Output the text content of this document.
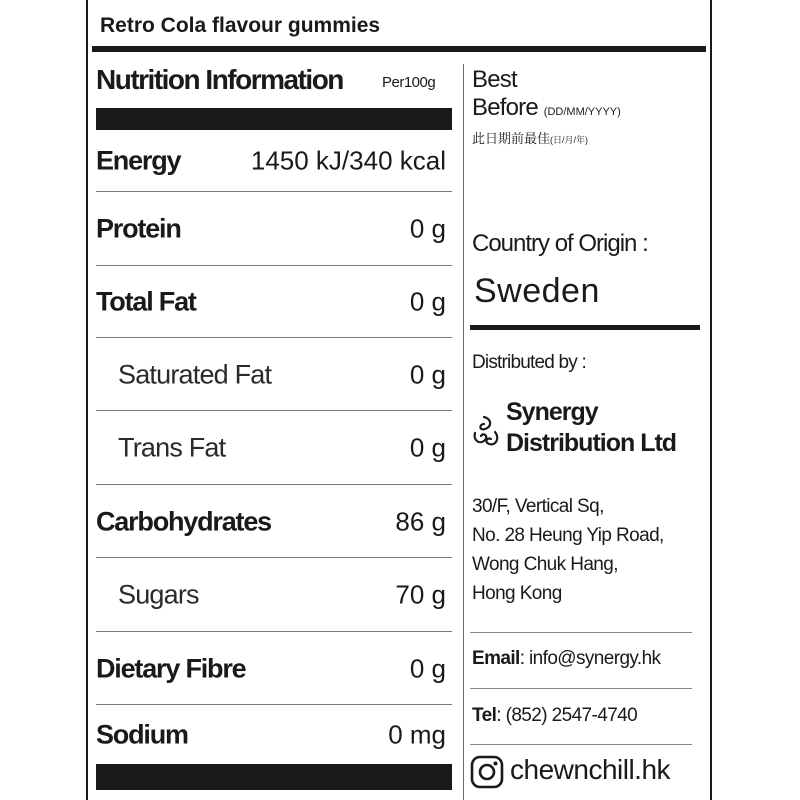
Retro Cola flavour gummies
Nutrition Information	Per100g
Energy	1450 kJ/340 kcal
Protein	0 g
Total Fat	0 g
Saturated Fat	0 g
Trans Fat	0 g
Carbohydrates	86 g
Sugars	70 g
Dietary Fibre	0 g
Sodium	0 mg
Best
Before (DD/MM/YYYY)
此日期前最佳(日/月/年)
Country of Origin :
Sweden
Distributed by :
Synergy
Distribution Ltd
30/F, Vertical Sq,
No. 28 Heung Yip Road,
Wong Chuk Hang,
Hong Kong
Email: info@synergy.hk
Tel: (852) 2547-4740
chewnchill.hk
